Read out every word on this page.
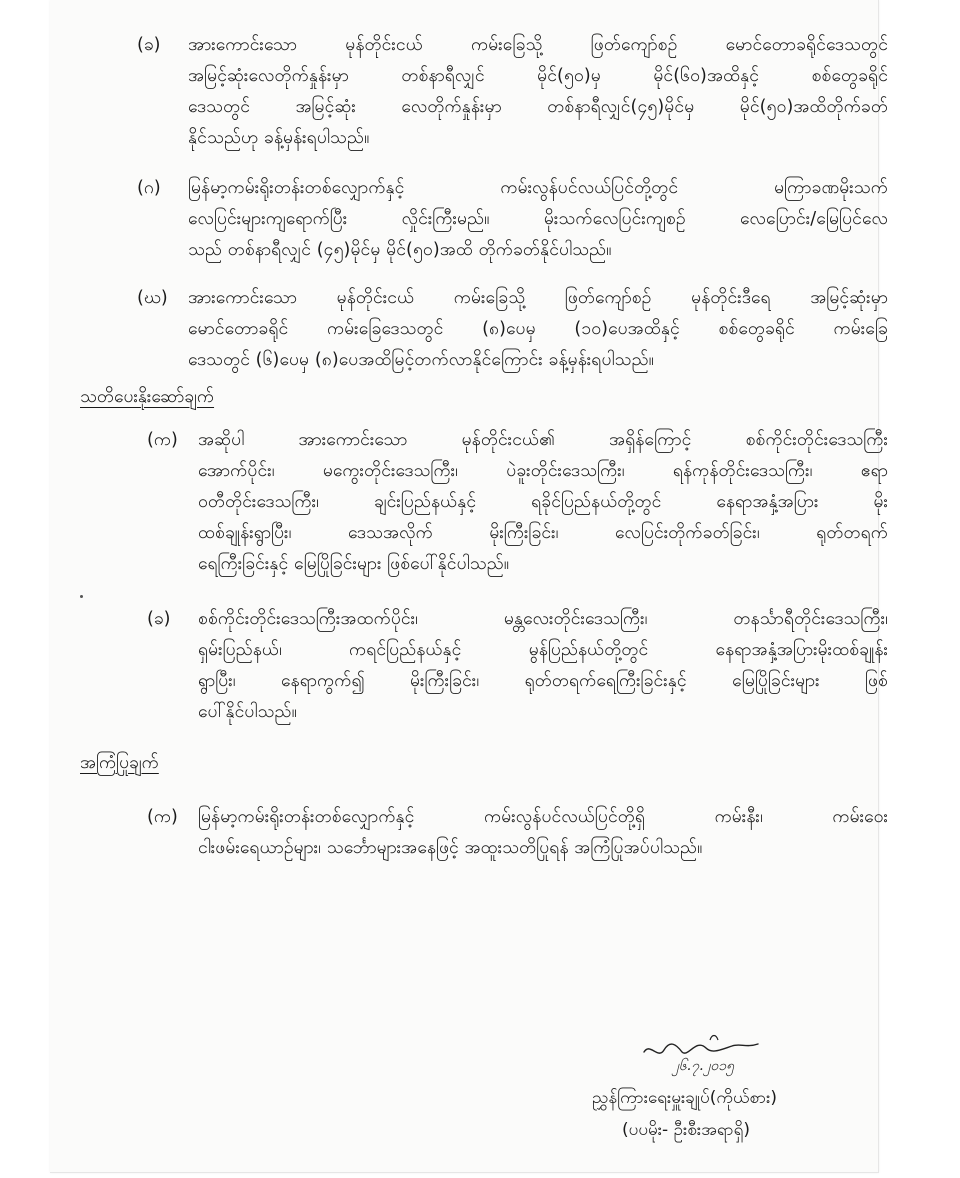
(ခ) အားကောင်းသော မုန်တိုင်းငယ် ကမ်းခြေသို့ ဖြတ်ကျော်စဥ် မောင်တောခရိုင်ဒေသတွင်
အမြင့်ဆုံးလေတိုက်နှုန်းမှာ တစ်နာရီလျှင် မိုင်(၅၀)မှ မိုင်(၆၀)အထိနှင့် စစ်တွေခရိုင်
ဒေသတွင် အမြင့်ဆုံး လေတိုက်နှုန်းမှာ တစ်နာရီလျှင်(၄၅)မိုင်မှ မိုင်(၅၀)အထိတိုက်ခတ်
နိုင်သည်ဟု ခန့်မှန်းရပါသည်။
(ဂ) မြန်မာ့ကမ်းရိုးတန်းတစ်လျှောက်နှင့် ကမ်းလွန်ပင်လယ်ပြင်တို့တွင် မကြာခဏမိုးသက်
လေပြင်းများကျရောက်ပြီး လှိုင်းကြီးမည်။ မိုးသက်လေပြင်းကျစဥ် လေပြောင်း/မြေပြင်လေ
သည် တစ်နာရီလျှင် (၄၅)မိုင်မှ မိုင်(၅၀)အထိ တိုက်ခတ်နိုင်ပါသည်။
(ဃ) အားကောင်းသော မုန်တိုင်းငယ် ကမ်းခြေသို့ ဖြတ်ကျော်စဥ် မုန်တိုင်းဒီရေ အမြင့်ဆုံးမှာ
မောင်တောခရိုင် ကမ်းခြေဒေသတွင် (၈)ပေမှ (၁၀)ပေအထိနှင့် စစ်တွေခရိုင် ကမ်းခြေ
ဒေသတွင် (၆)ပေမှ (၈)ပေအထိမြင့်တက်လာနိုင်ကြောင်း ခန့်မှန်းရပါသည်။
သတိပေးနိုးဆော်ချက်
(က) အဆိုပါ အားကောင်းသော မုန်တိုင်းငယ်၏ အရှိန်ကြောင့် စစ်ကိုင်းတိုင်းဒေသကြီး
အောက်ပိုင်း၊ မကွေးတိုင်းဒေသကြီး၊ ပဲခူးတိုင်းဒေသကြီး၊ ရန်ကုန်တိုင်းဒေသကြီး၊ ဧရာ
ဝတီတိုင်းဒေသကြီး၊ ချင်းပြည်နယ်နှင့် ရခိုင်ပြည်နယ်တို့တွင် နေရာအနှံ့အပြား မိုး
ထစ်ချုန်းရွာပြီး၊ ဒေသအလိုက် မိုးကြီးခြင်း၊ လေပြင်းတိုက်ခတ်ခြင်း၊ ရုတ်တရက်
ရေကြီးခြင်းနှင့် မြေပြိုခြင်းများ ဖြစ်ပေါ်နိုင်ပါသည်။
(ခ) စစ်ကိုင်းတိုင်းဒေသကြီးအထက်ပိုင်း၊ မန္တလေးတိုင်းဒေသကြီး၊ တနင်္သာရီတိုင်းဒေသကြီး၊
ရှမ်းပြည်နယ်၊ ကရင်ပြည်နယ်နှင့် မွန်ပြည်နယ်တို့တွင် နေရာအနှံ့အပြားမိုးထစ်ချုန်း
ရွာပြီး၊ နေရာကွက်၍ မိုးကြီးခြင်း၊ ရုတ်တရက်ရေကြီးခြင်းနှင့် မြေပြိုခြင်းများ ဖြစ်
ပေါ်နိုင်ပါသည်။
အကြံပြုချက်
(က) မြန်မာ့ကမ်းရိုးတန်းတစ်လျှောက်နှင့် ကမ်းလွန်ပင်လယ်ပြင်တို့ရှိ ကမ်းနီး၊ ကမ်းဝေး
ငါးဖမ်းရေယာဥ်များ၊ သင်္ဘောများအနေဖြင့် အထူးသတိပြုရန် အကြံပြုအပ်ပါသည်။
၂၆.၇.၂၀၁၅
ညွှန်ကြားရေးမှူးချုပ်(ကိုယ်စား)
(ပပမိုး- ဦးစီးအရာရှိ)
